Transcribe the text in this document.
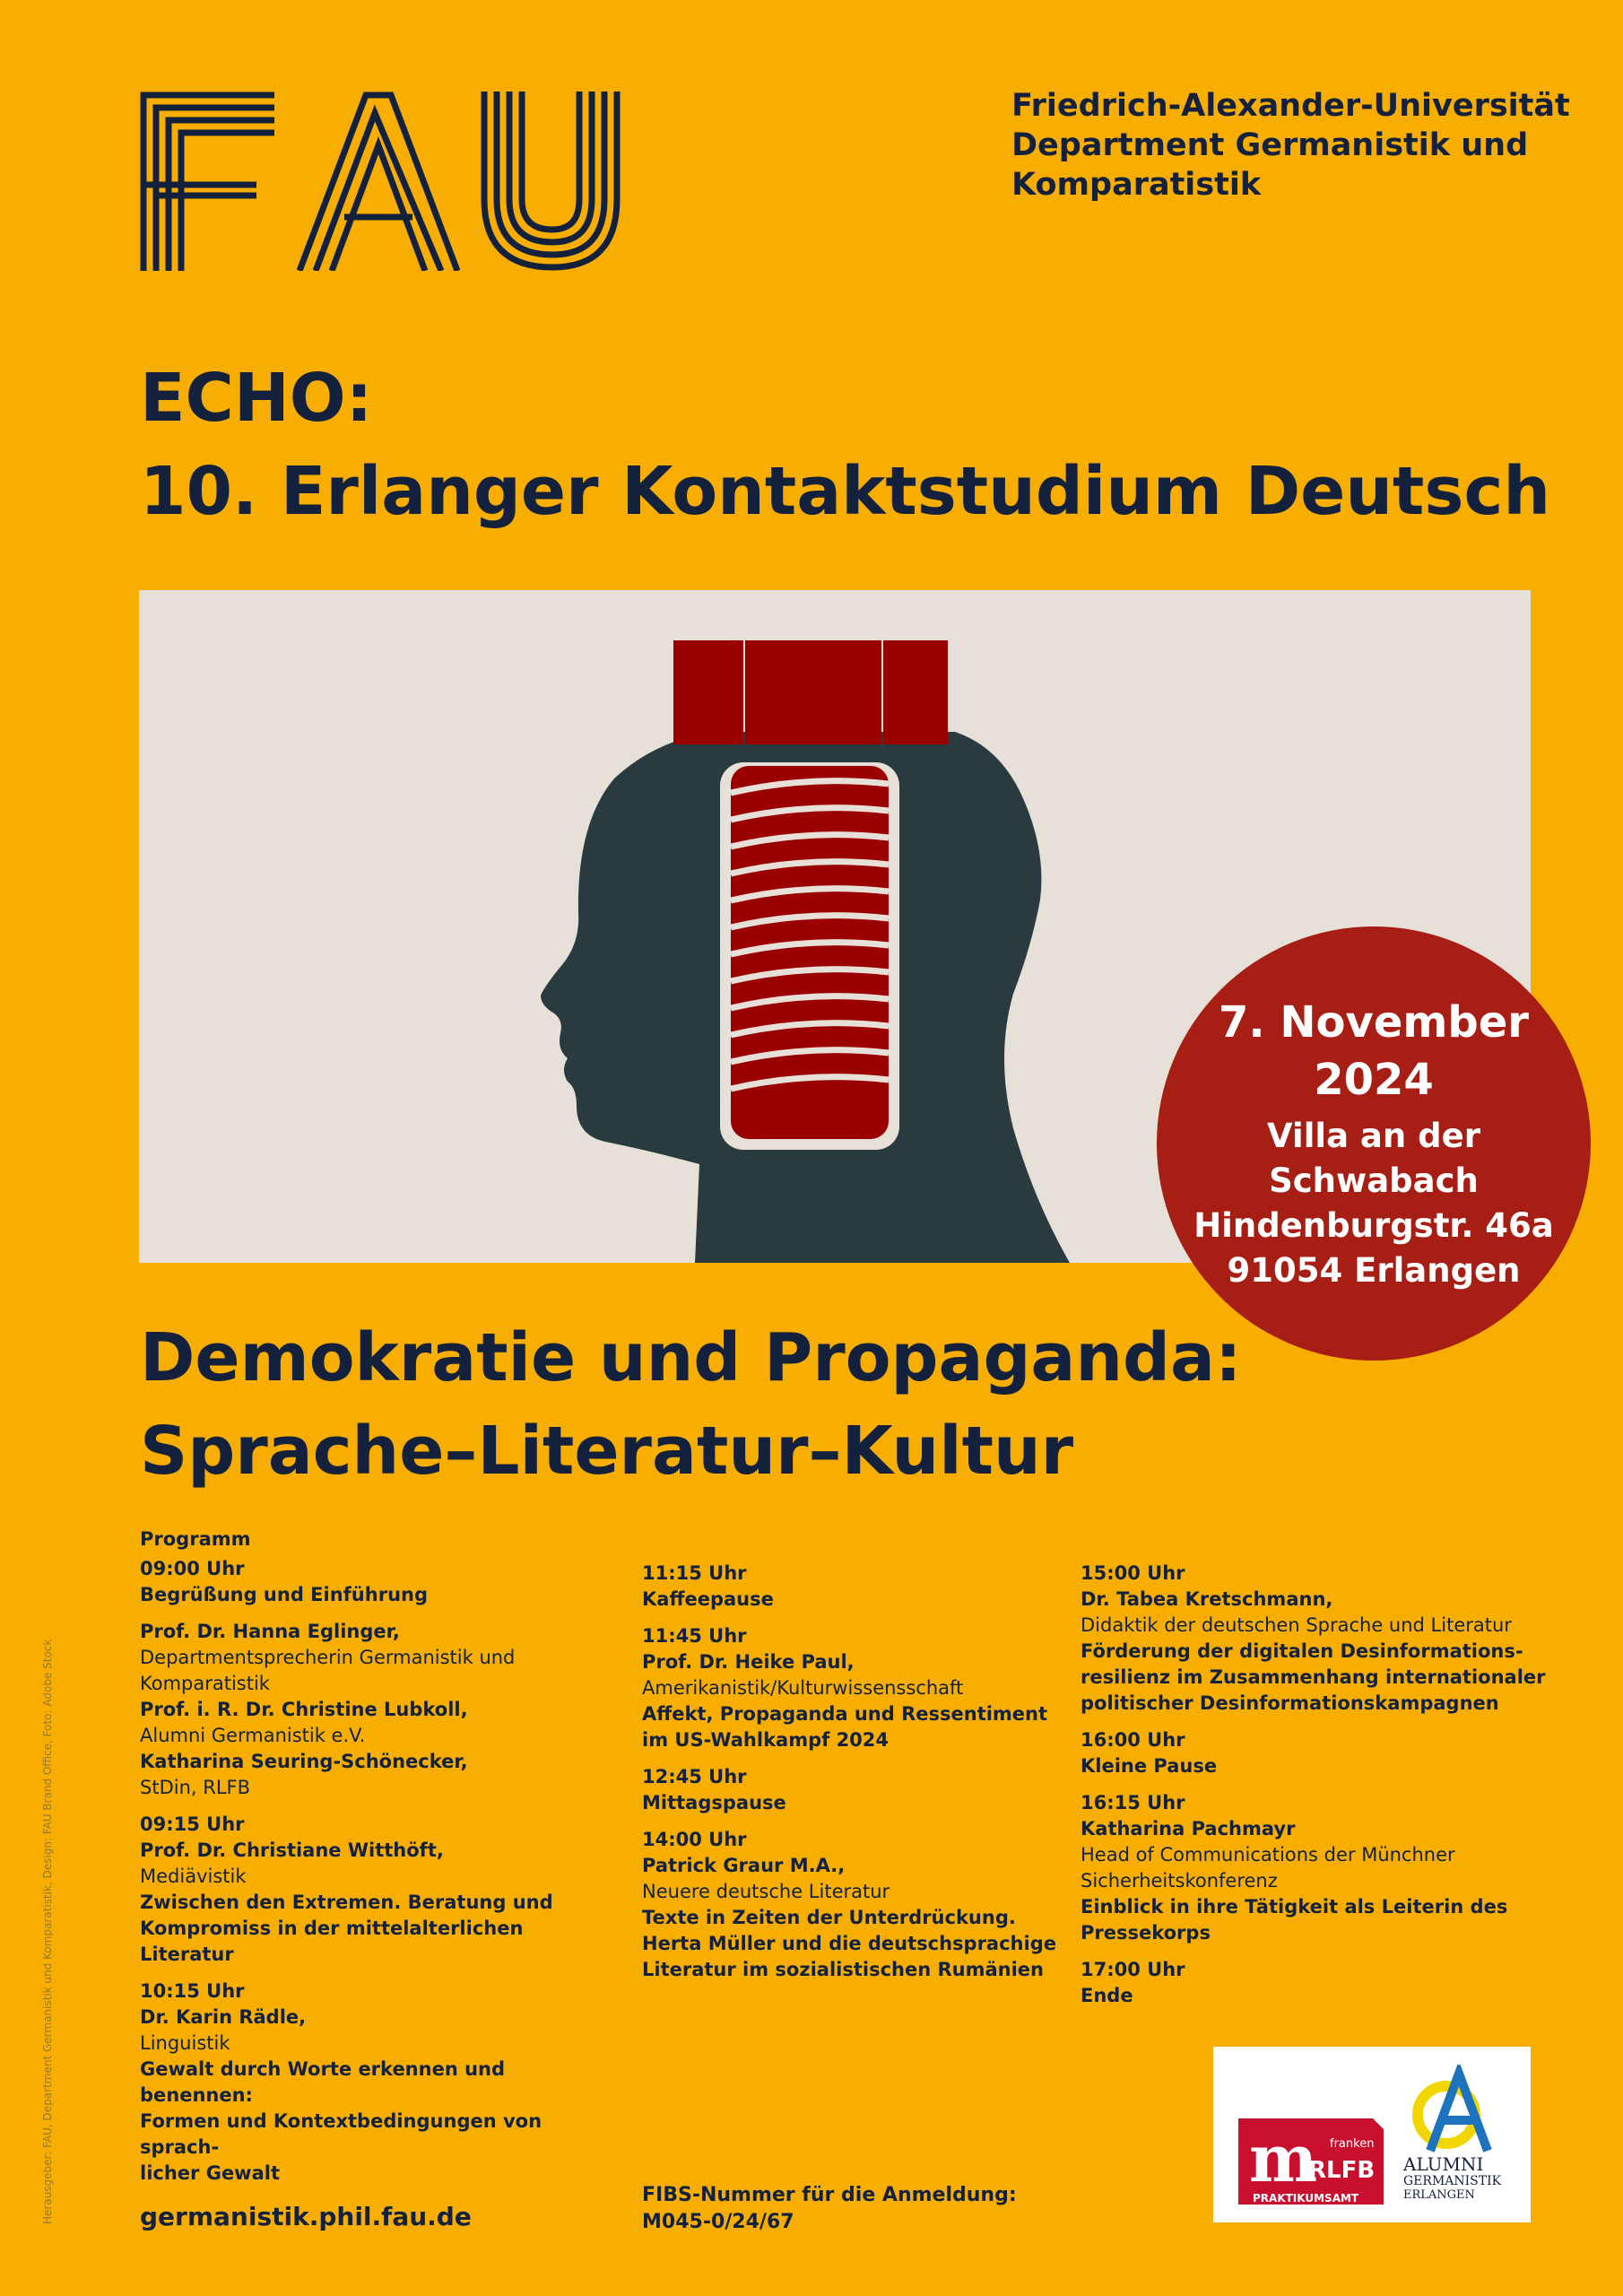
Friedrich-Alexander-Universität
Department Germanistik und
Komparatistik
ECHO:
10. Erlanger Kontaktstudium Deutsch
7. November
2024
Villa an der Schwabach
Hindenburgstr. 46a
91054 Erlangen
Demokratie und Propaganda:
Sprache–Literatur–Kultur
Programm
09:00 Uhr
Begrüßung und Einführung
Prof. Dr. Hanna Eglinger,
Departmentsprecherin Germanistik und
Komparatistik
Prof. i. R. Dr. Christine Lubkoll,
Alumni Germanistik e.V.
Katharina Seuring-Schönecker,
StDin, RLFB
09:15 Uhr
Prof. Dr. Christiane Witthöft,
Mediävistik
Zwischen den Extremen. Beratung und
Kompromiss in der mittelalterlichen Literatur
10:15 Uhr
Dr. Karin Rädle,
Linguistik
Gewalt durch Worte erkennen und benennen:
Formen und Kontextbedingungen von sprach-
licher Gewalt
11:15 Uhr
Kaffeepause
11:45 Uhr
Prof. Dr. Heike Paul,
Amerikanistik/Kulturwissensschaft
Affekt, Propaganda und Ressentiment
im US-Wahlkampf 2024
12:45 Uhr
Mittagspause
14:00 Uhr
Patrick Graur M.A.,
Neuere deutsche Literatur
Texte in Zeiten der Unterdrückung.
Herta Müller und die deutschsprachige
Literatur im sozialistischen Rumänien
15:00 Uhr
Dr. Tabea Kretschmann,
Didaktik der deutschen Sprache und Literatur
Förderung der digitalen Desinformations-
resilienz im Zusammenhang internationaler
politischer Desinformationskampagnen
16:00 Uhr
Kleine Pause
16:15 Uhr
Katharina Pachmayr
Head of Communications der Münchner
Sicherheitskonferenz
Einblick in ihre Tätigkeit als Leiterin des
Pressekorps
17:00 Uhr
Ende
germanistik.phil.fau.de
FIBS-Nummer für die Anmeldung:
M045-0/24/67
Herausgeber: FAU, Department Germanistik und Komparatistik, Design: FAU Brand Office, Foto: Adobe Stock	m franken
RLFB
PRAKTIKUMSAMT
ALUMNI
GERMANISTIK
ERLANGEN
